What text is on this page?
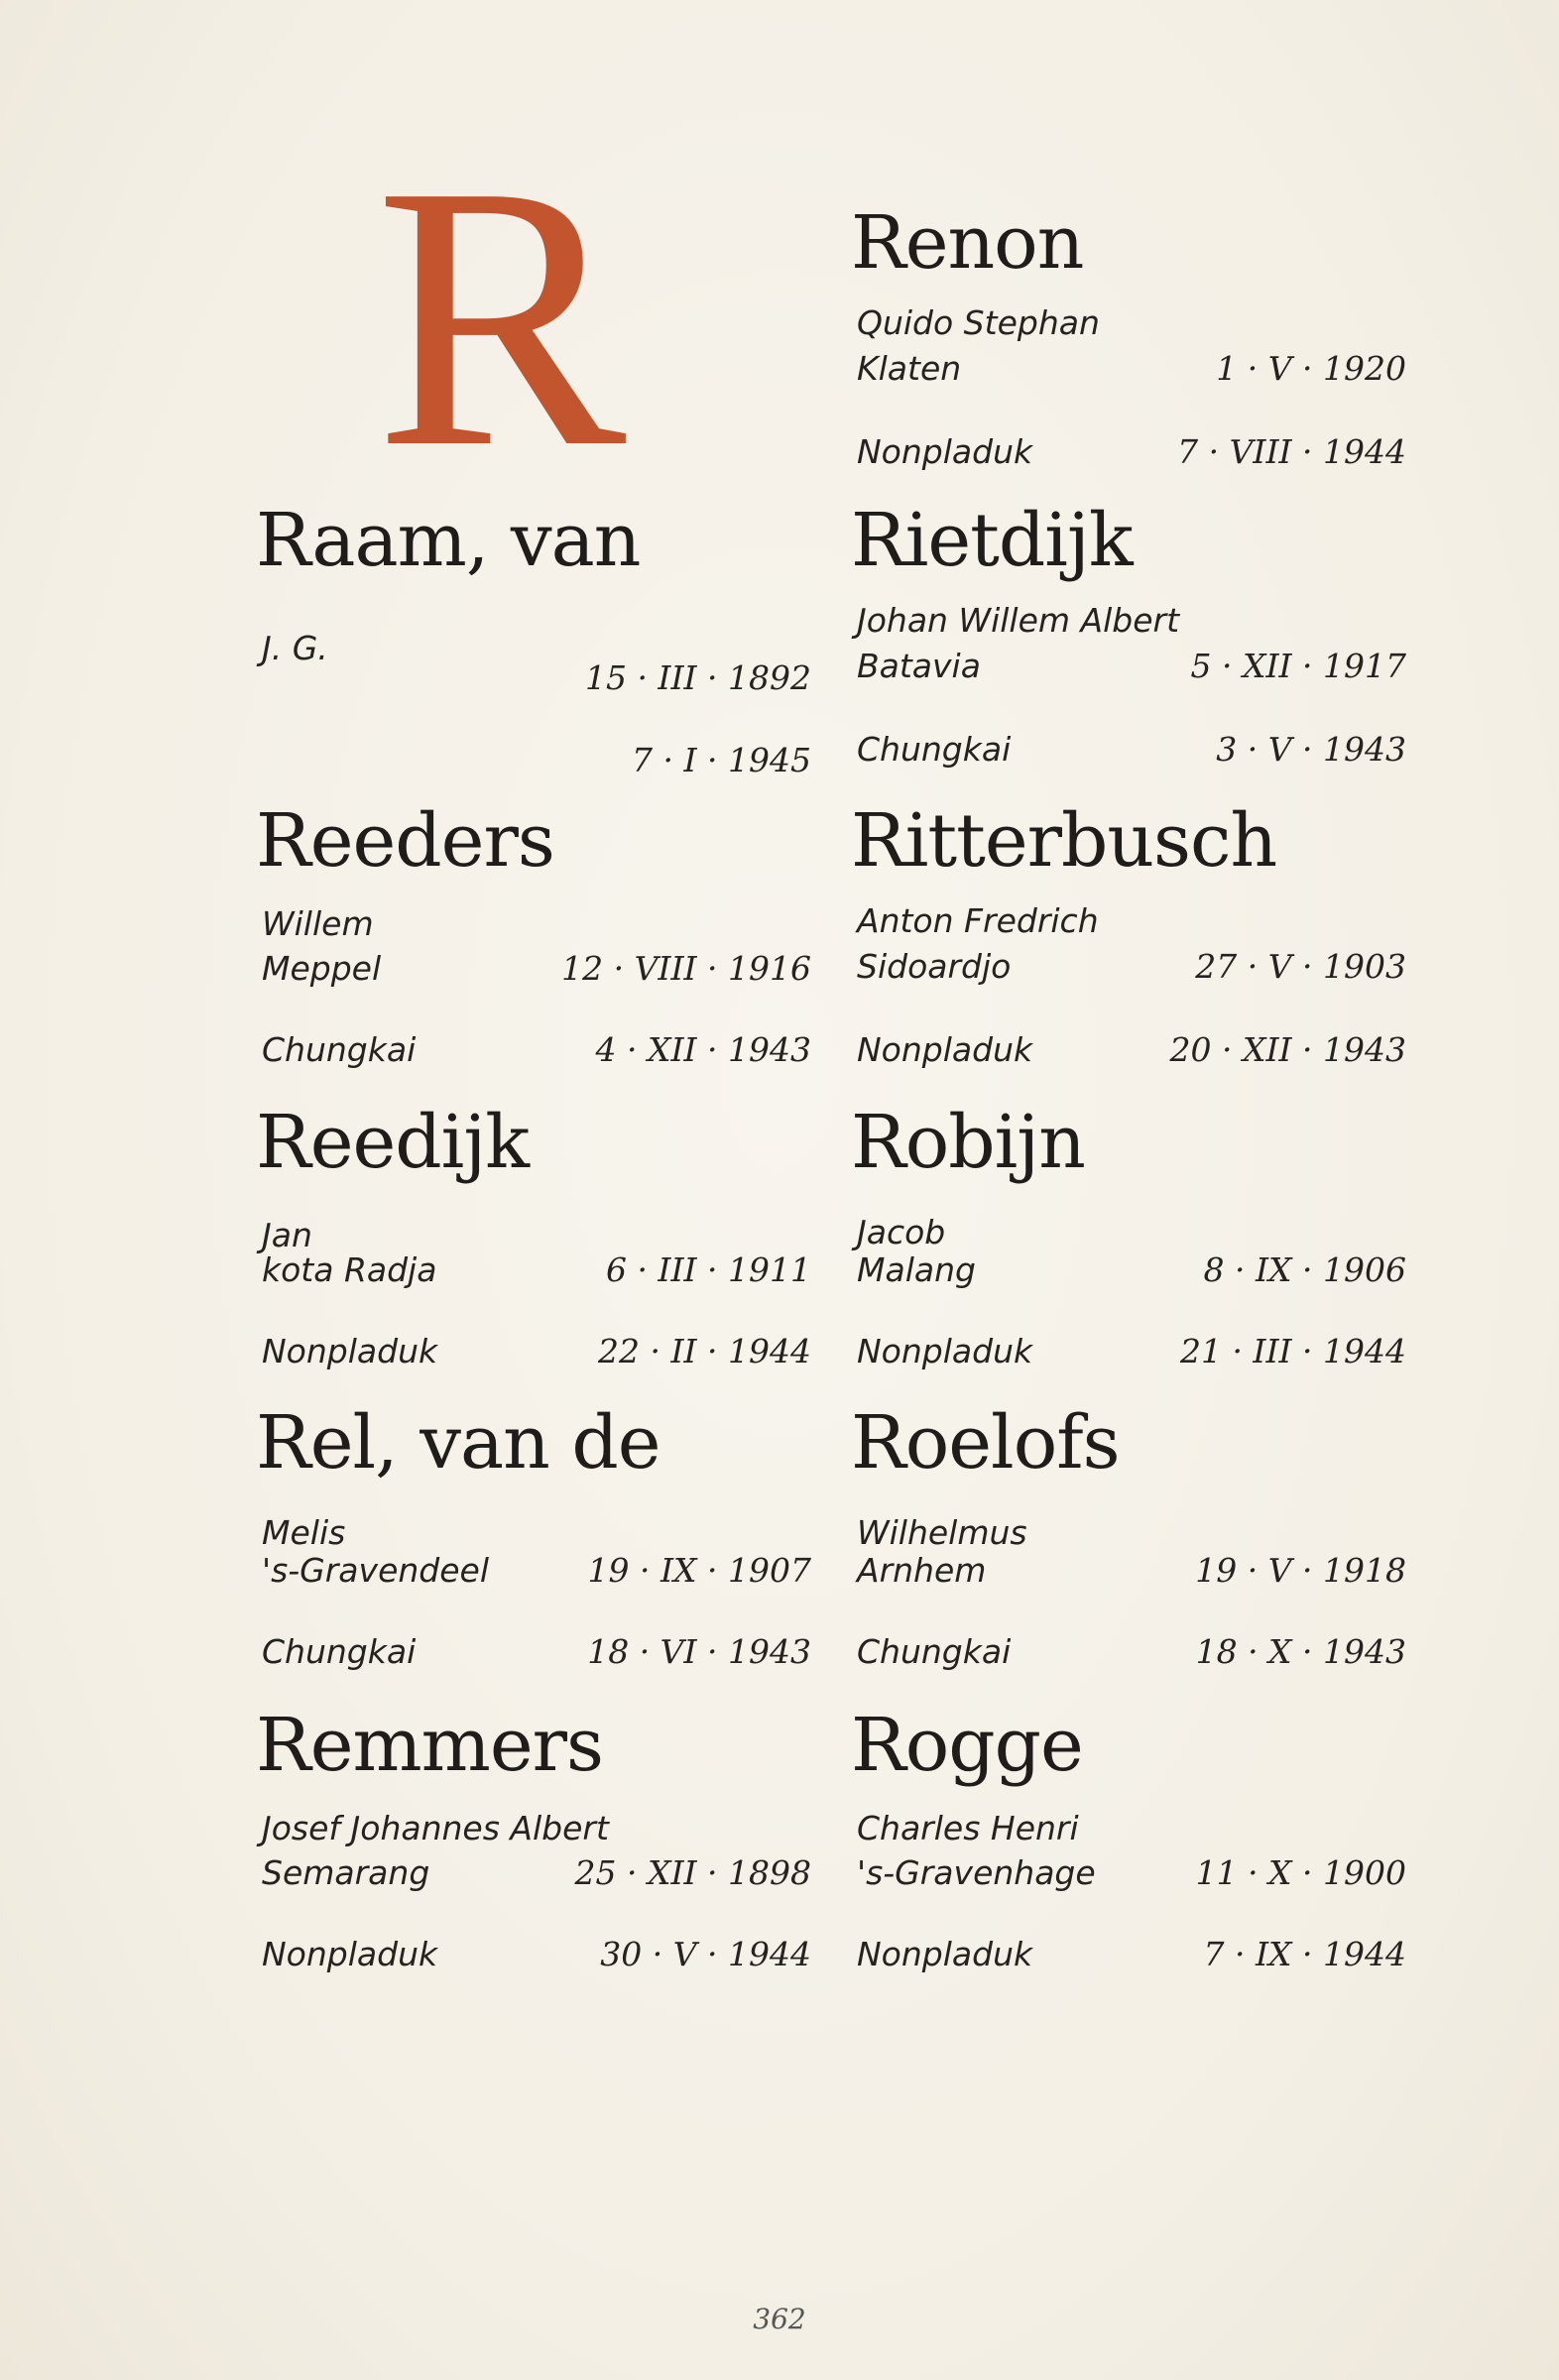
R
Raam, van
J. G.
15 · III · 1892
7 · I · 1945
Reeders
Willem
Meppel	12 · VIII · 1916
Chungkai	4 · XII · 1943
Reedijk
Jan
kota Radja	6 · III · 1911
Nonpladuk	22 · II · 1944
Rel, van de
Melis
's-Gravendeel	19 · IX · 1907
Chungkai	18 · VI · 1943
Remmers
Josef Johannes Albert
Semarang	25 · XII · 1898
Nonpladuk	30 · V · 1944
Renon
Quido Stephan
Klaten	1 · V · 1920
Nonpladuk	7 · VIII · 1944
Rietdijk
Johan Willem Albert
Batavia	5 · XII · 1917
Chungkai	3 · V · 1943
Ritterbusch
Anton Fredrich
Sidoardjo	27 · V · 1903
Nonpladuk	20 · XII · 1943
Robijn
Jacob
Malang	8 · IX · 1906
Nonpladuk	21 · III · 1944
Roelofs
Wilhelmus
Arnhem	19 · V · 1918
Chungkai	18 · X · 1943
Rogge
Charles Henri
's-Gravenhage	11 · X · 1900
Nonpladuk	7 · IX · 1944
362
